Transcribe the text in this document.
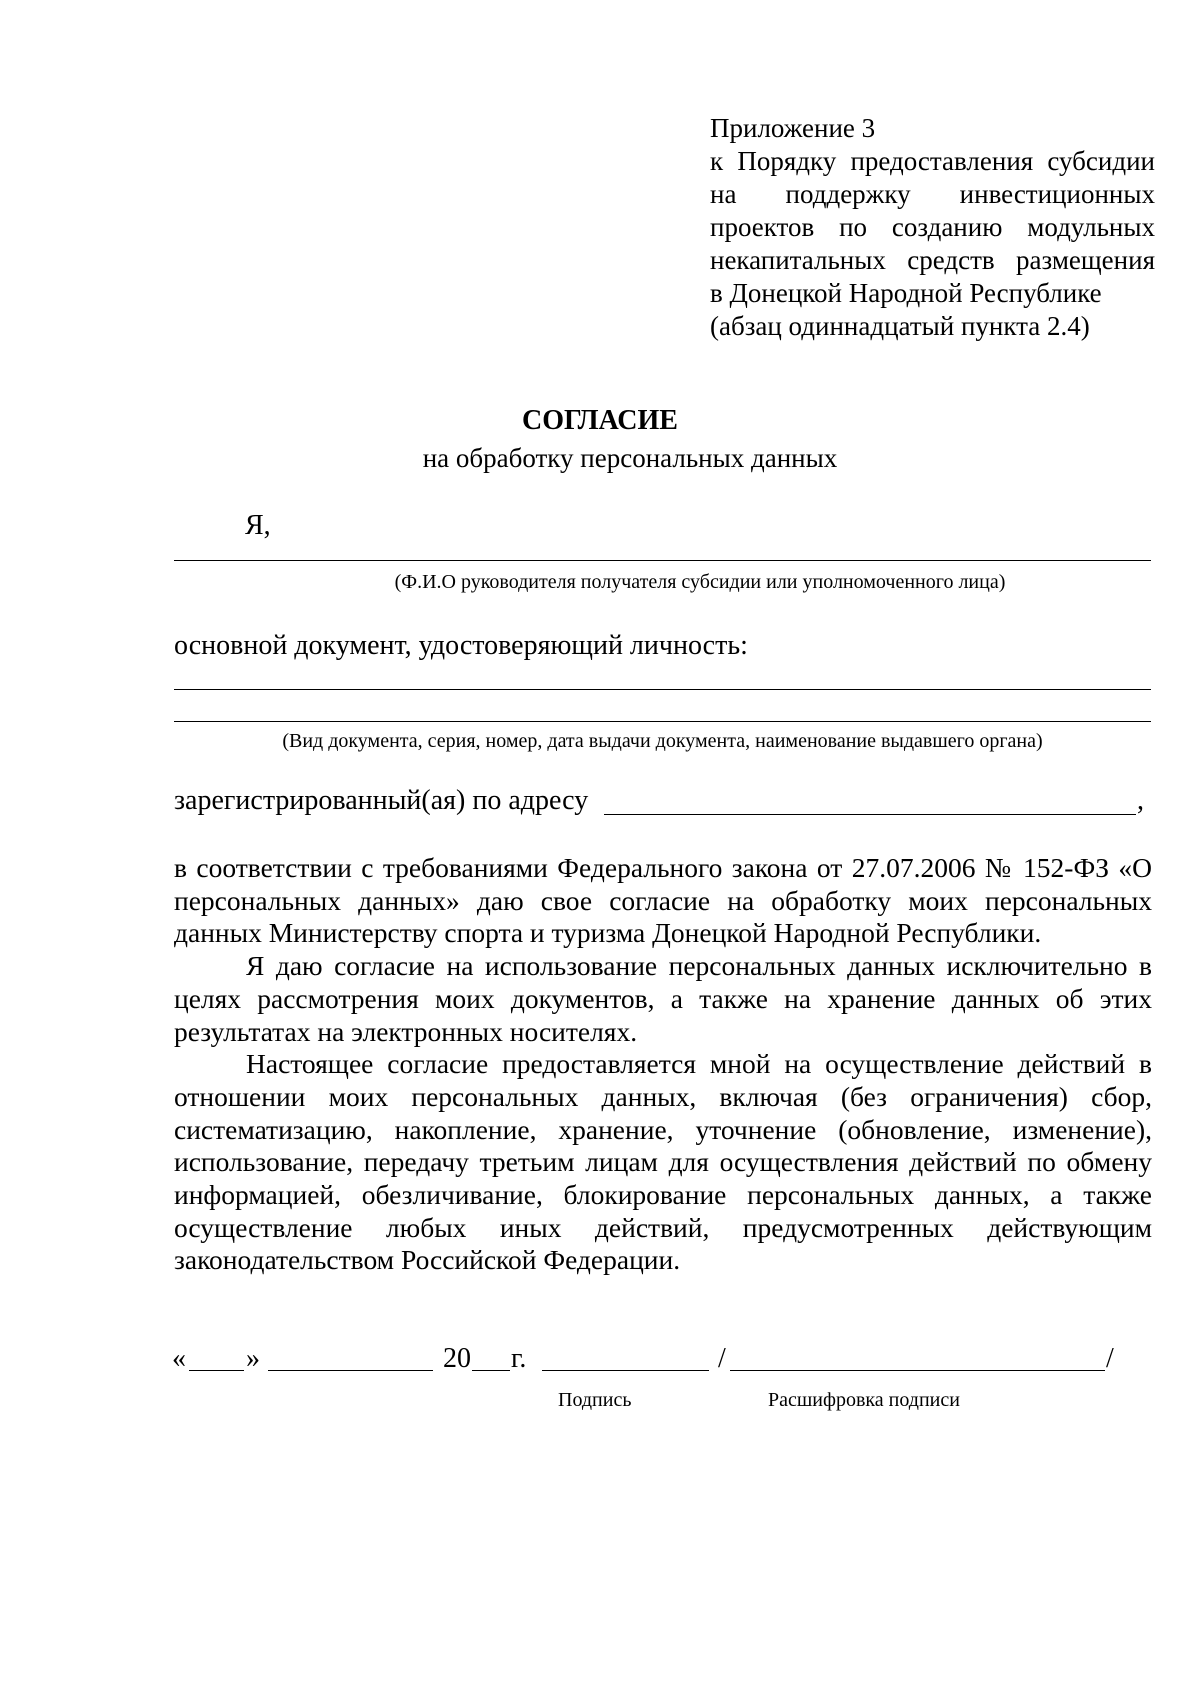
Приложение 3
к Порядку предоставления субсидии
на поддержку инвестиционных
проектов по созданию модульных
некапитальных средств размещения
в Донецкой Народной Республике
(абзац одиннадцатый пункта 2.4)
СОГЛАСИЕ
на обработку персональных данных
Я,
(Ф.И.О руководителя получателя субсидии или уполномоченного лица)
основной документ, удостоверяющий личность:
(Вид документа, серия, номер, дата выдачи документа, наименование выдавшего органа)
зарегистрированный(ая) по адресу	,

в соответствии с требованиями Федерального закона от 27.07.2006 № 152-ФЗ «О персональных данных» даю свое согласие на обработку моих персональных данных Министерству спорта и туризма Донецкой Народной Республики.

Я даю согласие на использование персональных данных исключительно в целях рассмотрения моих документов, а также на хранение данных об этих результатах на электронных носителях.

Настоящее согласие предоставляется мной на осуществление действий в отношении моих персональных данных, включая (без ограничения) сбор, систематизацию, накопление, хранение, уточнение (обновление, изменение), использование, передачу третьим лицам для осуществления действий по обмену информацией, обезличивание, блокирование персональных данных, а также осуществление любых иных действий, предусмотренных действующим законодательством Российской Федерации.

« »	20 г.	/	/
Подпись	Расшифровка подписи
